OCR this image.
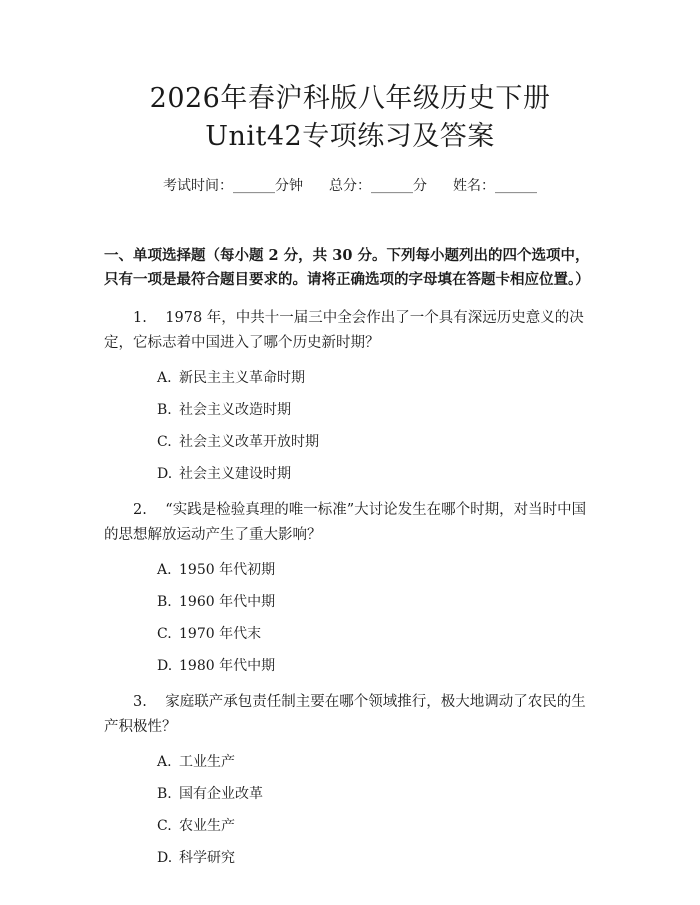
2026年春沪科版八年级历史下册Unit42专项练习及答案
考试时间：______分钟 总分：______分 姓名：______
一、单项选择题（每小题 2 分，共 30 分。下列每小题列出的四个选项中，只有一项是最符合题目要求的。请将正确选项的字母填在答题卡相应位置。）
1. 1978 年，中共十一届三中全会作出了一个具有深远历史意义的决定，它标志着中国进入了哪个历史新时期？
A. 新民主主义革命时期
B. 社会主义改造时期
C. 社会主义改革开放时期
D. 社会主义建设时期
2. “实践是检验真理的唯一标准”大讨论发生在哪个时期，对当时中国的思想解放运动产生了重大影响？
A. 1950 年代初期
B. 1960 年代中期
C. 1970 年代末
D. 1980 年代中期
3. 家庭联产承包责任制主要在哪个领域推行，极大地调动了农民的生产积极性？
A. 工业生产
B. 国有企业改革
C. 农业生产
D. 科学研究
